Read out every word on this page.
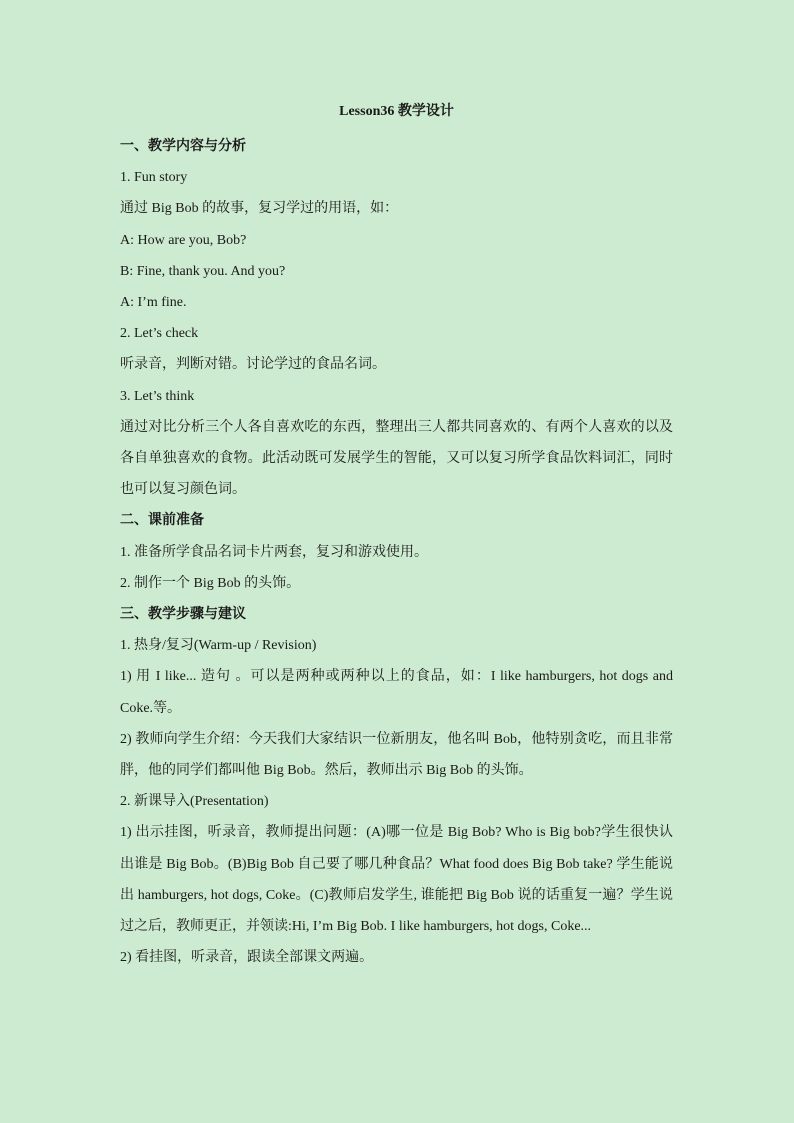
Lesson36 教学设计
一、教学内容与分析
1. Fun story
通过 Big Bob 的故事，复习学过的用语，如：
A: How are you, Bob?
B: Fine, thank you. And you?
A: I’m fine.
2. Let’s check
听录音，判断对错。讨论学过的食品名词。
3. Let’s think

通过对比分析三个人各自喜欢吃的东西，整理出三人都共同喜欢的、有两个人喜欢的以及各自单独喜欢的食物。此活动既可发展学生的智能，又可以复习所学食品饮料词汇，同时也可以复习颜色词。

二、课前准备
1. 准备所学食品名词卡片两套，复习和游戏使用。
2. 制作一个 Big Bob 的头饰。
三、教学步骤与建议
1. 热身/复习(Warm-up / Revision)

1) 用 I like... 造句 。可以是两种或两种以上的食品，如：I like hamburgers, hot dogs and Coke.等。

2) 教师向学生介绍：今天我们大家结识一位新朋友，他名叫 Bob，他特别贪吃，而且非常胖，他的同学们都叫他 Big Bob。然后，教师出示 Big Bob 的头饰。

2. 新课导入(Presentation)

1) 出示挂图，听录音，教师提出问题：(A)哪一位是 Big Bob? Who is Big bob?学生很快认出谁是 Big Bob。(B)Big Bob 自己要了哪几种食品？What food does Big Bob take? 学生能说出 hamburgers, hot dogs, Coke。(C)教师启发学生, 谁能把 Big Bob 说的话重复一遍？学生说过之后，教师更正，并领读:Hi, I’m Big Bob. I like hamburgers, hot dogs, Coke...

2) 看挂图，听录音，跟读全部课文两遍。
